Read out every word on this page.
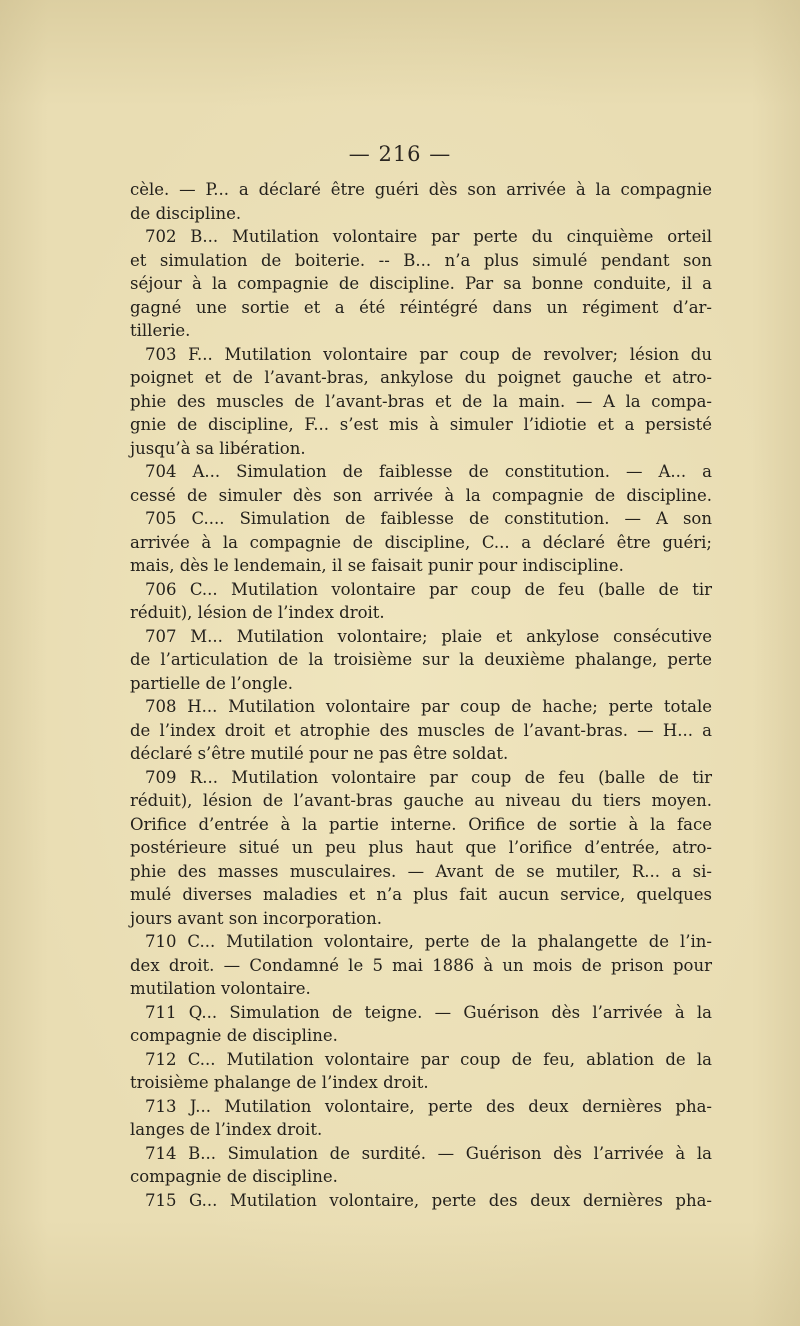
— 216 —
cèle. — P... a déclaré être guéri dès son arrivée à la compagnie
de discipline.
702 B... Mutilation volontaire par perte du cinquième orteil
et simulation de boiterie. -- B... n’a plus simulé pendant son
séjour à la compagnie de discipline. Par sa bonne conduite, il a
gagné une sortie et a été réintégré dans un régiment d’ar-
tillerie.
703 F... Mutilation volontaire par coup de revolver; lésion du
poignet et de l’avant-bras, ankylose du poignet gauche et atro-
phie des muscles de l’avant-bras et de la main. — A la compa-
gnie de discipline, F... s’est mis à simuler l’idiotie et a persisté
jusqu’à sa libération.
704 A... Simulation de faiblesse de constitution. — A... a
cessé de simuler dès son arrivée à la compagnie de discipline.
705 C.... Simulation de faiblesse de constitution. — A son
arrivée à la compagnie de discipline, C... a déclaré être guéri;
mais, dès le lendemain, il se faisait punir pour indiscipline.
706 C... Mutilation volontaire par coup de feu (balle de tir
réduit), lésion de l’index droit.
707 M... Mutilation volontaire; plaie et ankylose consécutive
de l’articulation de la troisième sur la deuxième phalange, perte
partielle de l’ongle.
708 H... Mutilation volontaire par coup de hache; perte totale
de l’index droit et atrophie des muscles de l’avant-bras. — H... a
déclaré s’être mutilé pour ne pas être soldat.
709 R... Mutilation volontaire par coup de feu (balle de tir
réduit), lésion de l’avant-bras gauche au niveau du tiers moyen.
Orifice d’entrée à la partie interne. Orifice de sortie à la face
postérieure situé un peu plus haut que l’orifice d’entrée, atro-
phie des masses musculaires. — Avant de se mutiler, R... a si-
mulé diverses maladies et n’a plus fait aucun service, quelques
jours avant son incorporation.
710 C... Mutilation volontaire, perte de la phalangette de l’in-
dex droit. — Condamné le 5 mai 1886 à un mois de prison pour
mutilation volontaire.
711 Q... Simulation de teigne. — Guérison dès l’arrivée à la
compagnie de discipline.
712 C... Mutilation volontaire par coup de feu, ablation de la
troisième phalange de l’index droit.
713 J... Mutilation volontaire, perte des deux dernières pha-
langes de l’index droit.
714 B... Simulation de surdité. — Guérison dès l’arrivée à la
compagnie de discipline.
715 G... Mutilation volontaire, perte des deux dernières pha-
